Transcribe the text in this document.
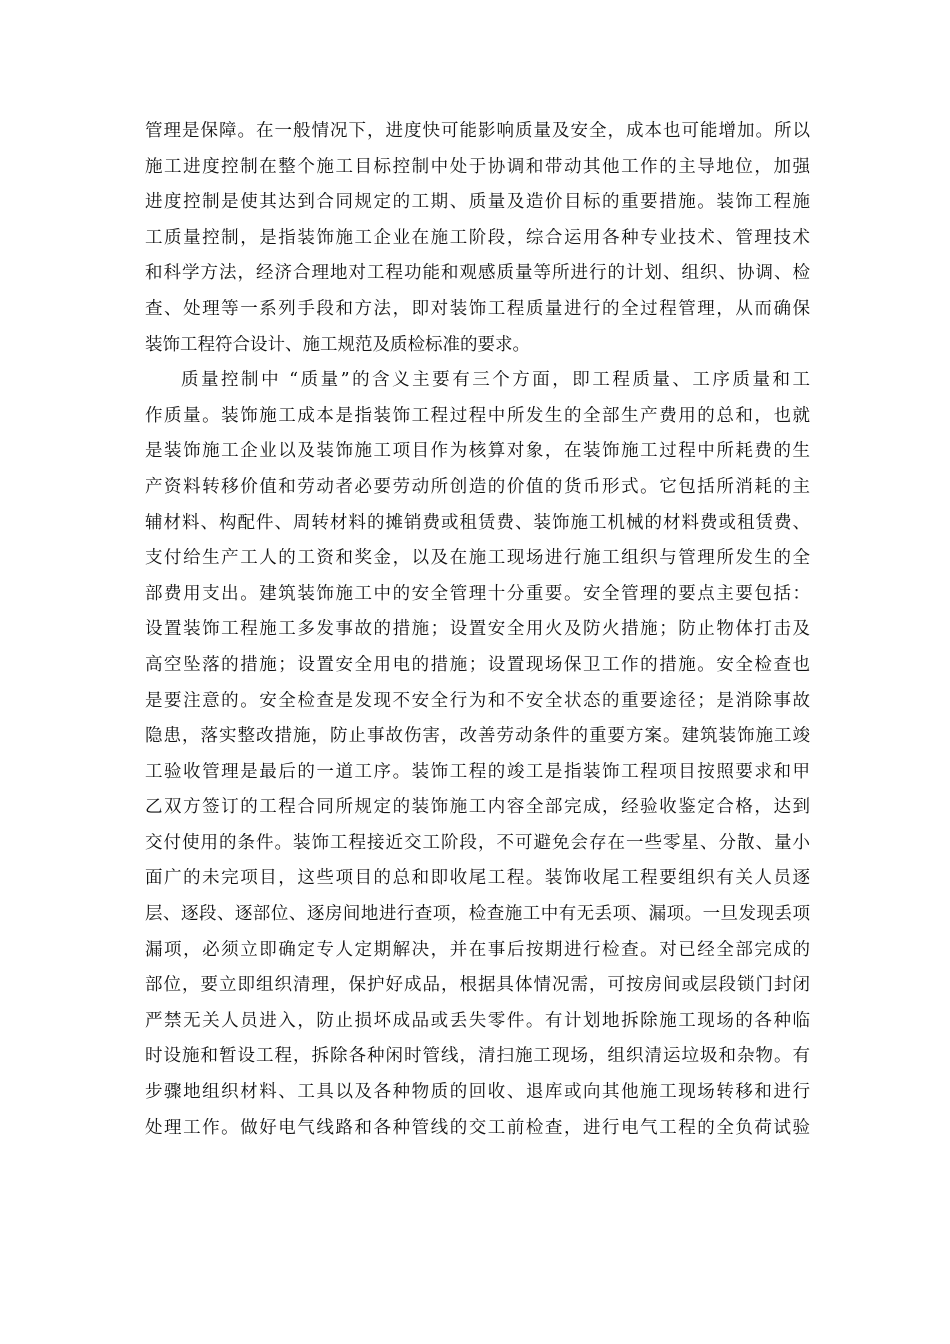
管理是保障。在一般情况下，进度快可能影响质量及安全，成本也可能增加。所以
施工进度控制在整个施工目标控制中处于协调和带动其他工作的主导地位，加强
进度控制是使其达到合同规定的工期、质量及造价目标的重要措施。装饰工程施
工质量控制，是指装饰施工企业在施工阶段，综合运用各种专业技术、管理技术
和科学方法，经济合理地对工程功能和观感质量等所进行的计划、组织、协调、检
查、处理等一系列手段和方法，即对装饰工程质量进行的全过程管理，从而确保
装饰工程符合设计、施工规范及质检标准的要求。
质量控制中 “质量”的含义主要有三个方面，即工程质量、工序质量和工
作质量。装饰施工成本是指装饰工程过程中所发生的全部生产费用的总和，也就
是装饰施工企业以及装饰施工项目作为核算对象，在装饰施工过程中所耗费的生
产资料转移价值和劳动者必要劳动所创造的价值的货币形式。它包括所消耗的主
辅材料、构配件、周转材料的摊销费或租赁费、装饰施工机械的材料费或租赁费、
支付给生产工人的工资和奖金，以及在施工现场进行施工组织与管理所发生的全
部费用支出。建筑装饰施工中的安全管理十分重要。安全管理的要点主要包括：
设置装饰工程施工多发事故的措施；设置安全用火及防火措施；防止物体打击及
高空坠落的措施；设置安全用电的措施；设置现场保卫工作的措施。安全检查也
是要注意的。安全检查是发现不安全行为和不安全状态的重要途径；是消除事故
隐患，落实整改措施，防止事故伤害，改善劳动条件的重要方案。建筑装饰施工竣
工验收管理是最后的一道工序。装饰工程的竣工是指装饰工程项目按照要求和甲
乙双方签订的工程合同所规定的装饰施工内容全部完成，经验收鉴定合格，达到
交付使用的条件。装饰工程接近交工阶段，不可避免会存在一些零星、分散、量小
面广的未完项目，这些项目的总和即收尾工程。装饰收尾工程要组织有关人员逐
层、逐段、逐部位、逐房间地进行查项，检查施工中有无丢项、漏项。一旦发现丢项
漏项，必须立即确定专人定期解决，并在事后按期进行检查。对已经全部完成的
部位，要立即组织清理，保护好成品，根据具体情况需，可按房间或层段锁门封闭
严禁无关人员进入，防止损坏成品或丢失零件。有计划地拆除施工现场的各种临
时设施和暂设工程，拆除各种闲时管线，清扫施工现场，组织清运垃圾和杂物。有
步骤地组织材料、工具以及各种物质的回收、退库或向其他施工现场转移和进行
处理工作。做好电气线路和各种管线的交工前检查，进行电气工程的全负荷试验
